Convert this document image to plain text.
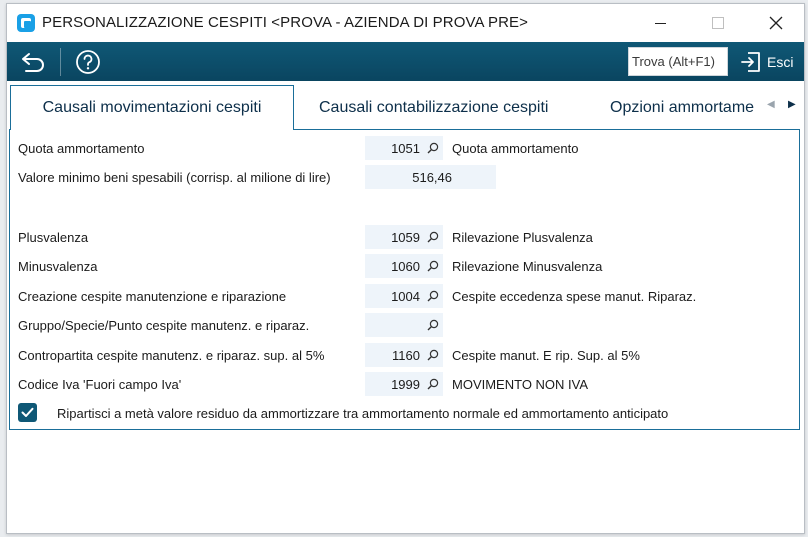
PERSONALIZZAZIONE CESPITI <PROVA - AZIENDA DI PROVA PRE>
Trova (Alt+F1)
Esci
Causali movimentazioni cespiti	Causali contabilizzazione cespiti	Opzioni ammortame	◀ ▶
Quota ammortamento	1051 Quota ammortamento
Valore minimo beni spesabili (corrisp. al milione di lire)	516,46
Plusvalenza	1059 Rilevazione Plusvalenza
Minusvalenza	1060 Rilevazione Minusvalenza
Creazione cespite manutenzione e riparazione	1004 Cespite eccedenza spese manut. Riparaz.
Gruppo/Specie/Punto cespite manutenz. e riparaz.
Contropartita cespite manutenz. e riparaz. sup. al 5%	1160 Cespite manut. E rip. Sup. al 5%
Codice Iva 'Fuori campo Iva'	1999 MOVIMENTO NON IVA
Ripartisci a metà valore residuo da ammortizzare tra ammortamento normale ed ammortamento anticipato
